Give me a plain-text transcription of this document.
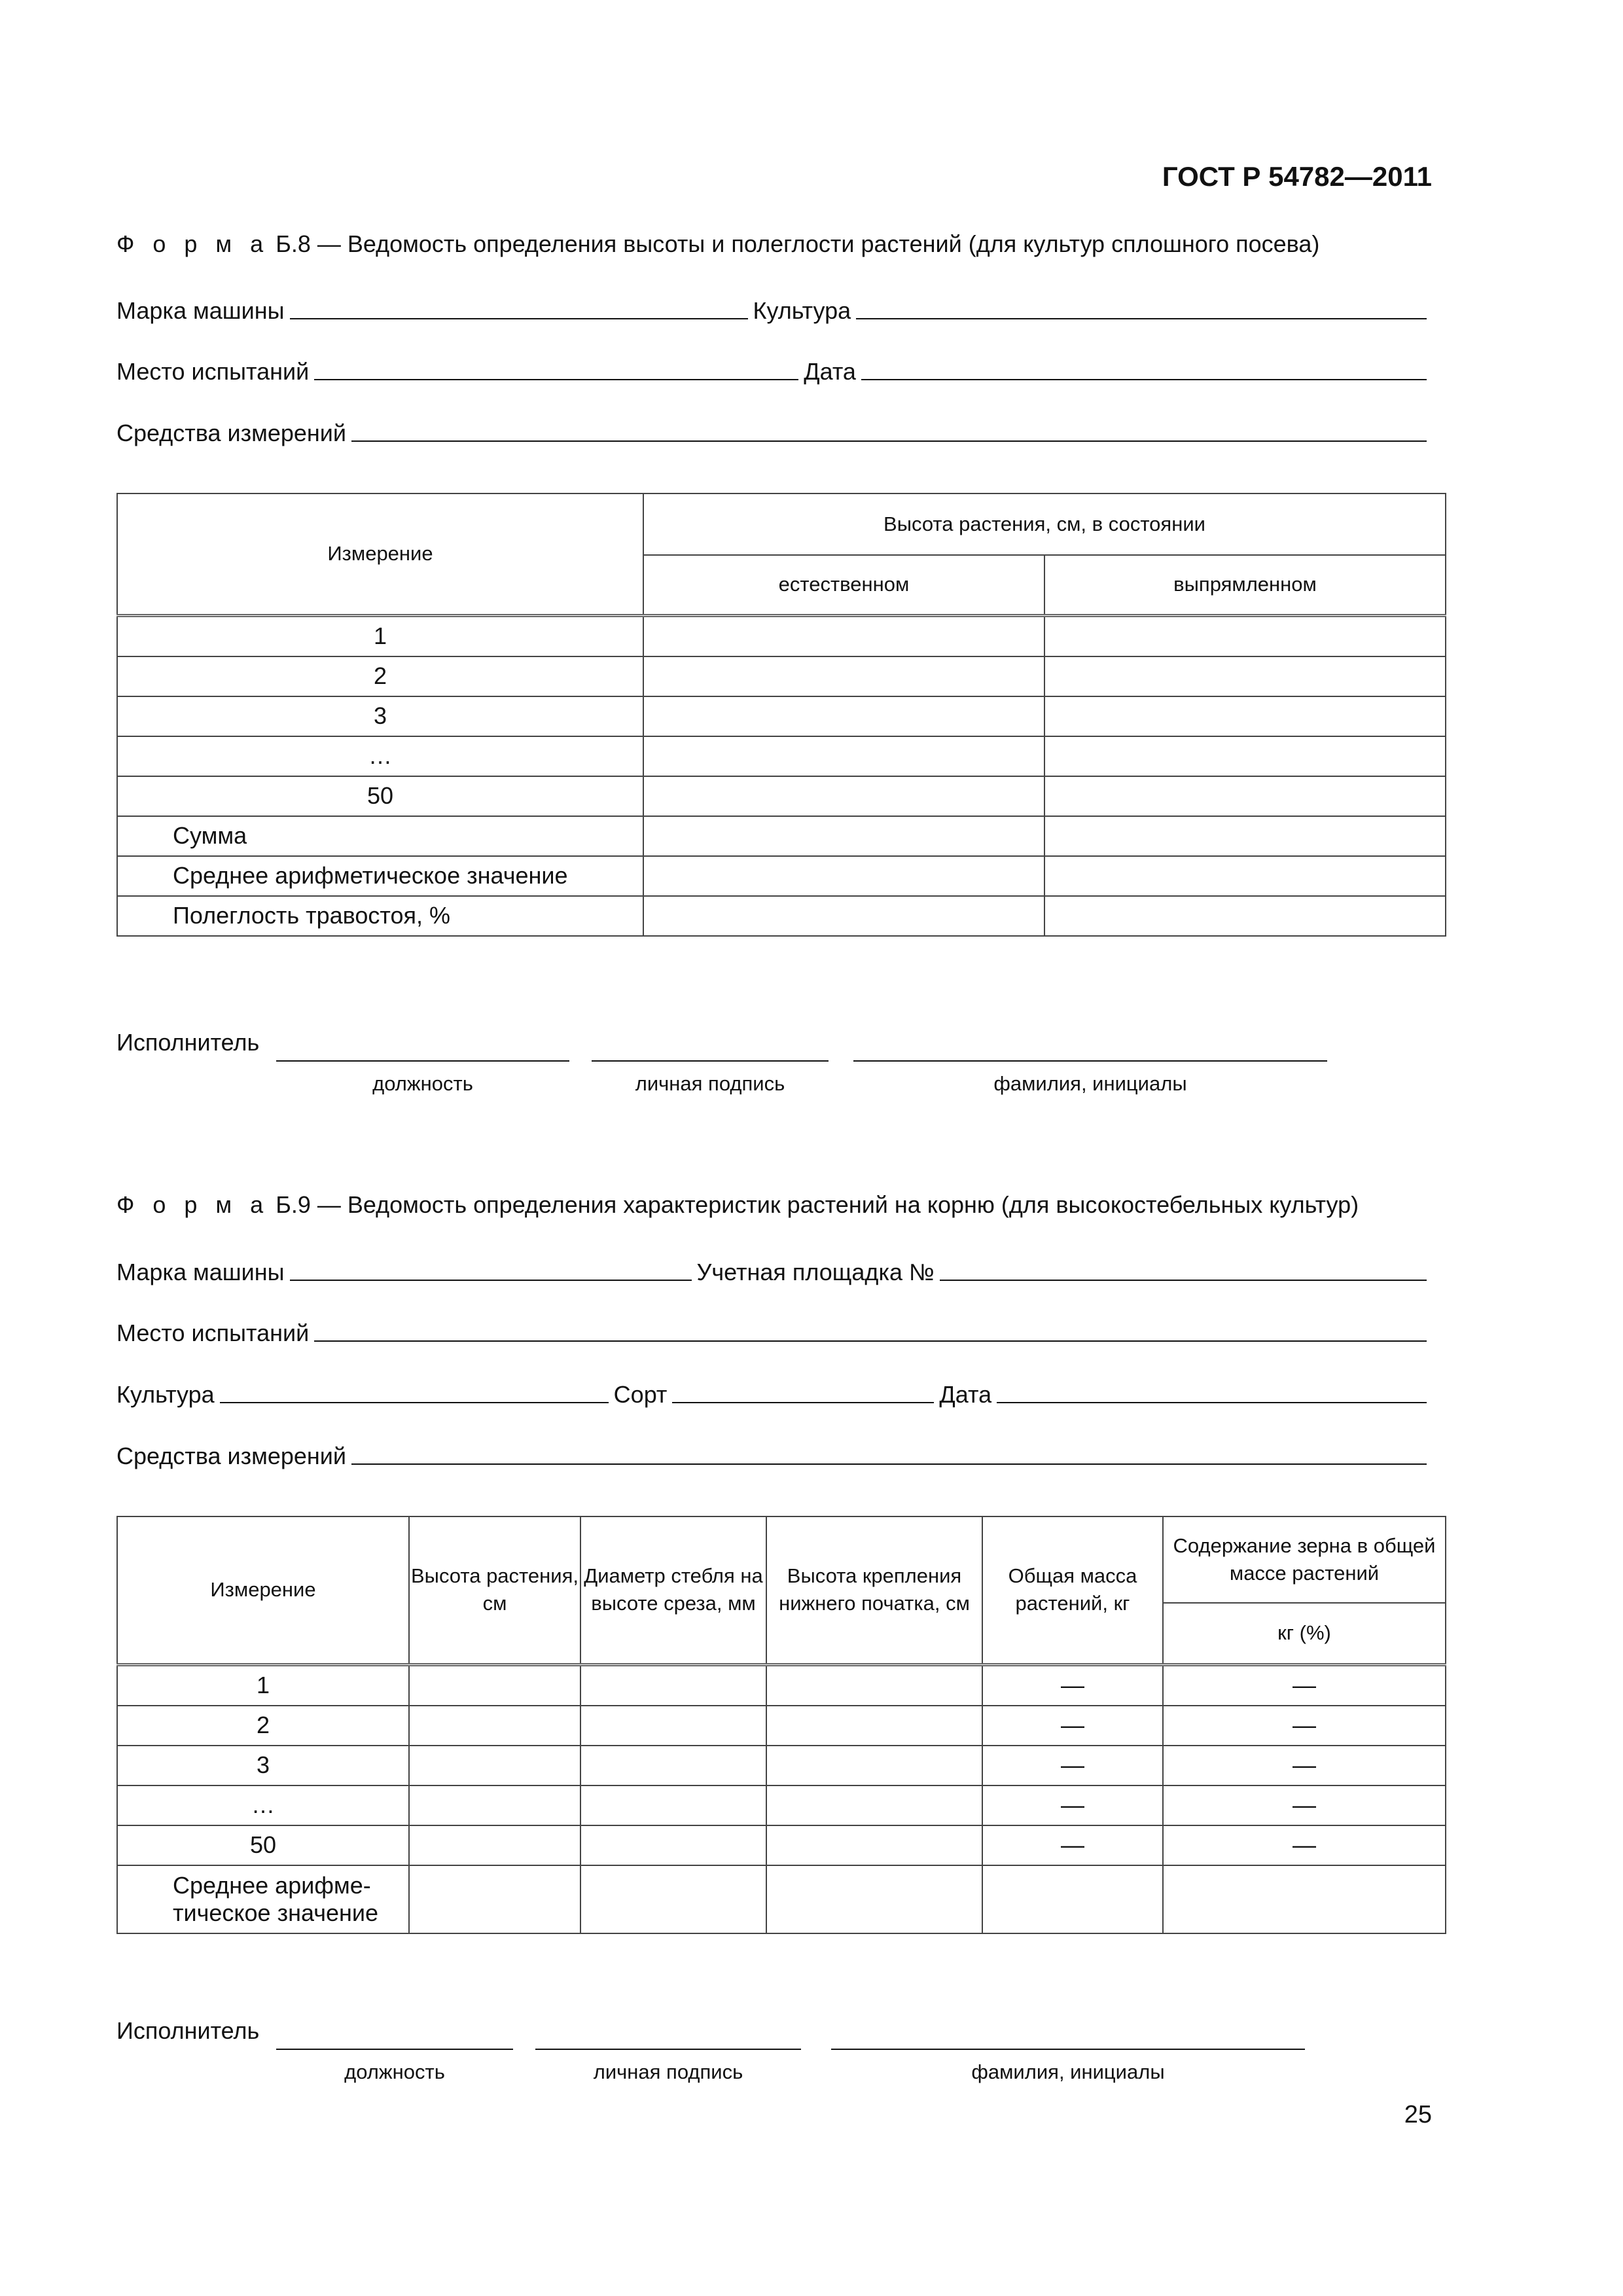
ГОСТ Р 54782—2011
Ф о р м а Б.8 — Ведомость определения высоты и полеглости растений (для культур сплошного посева)
Марка машины	Культура
Место испытаний	Дата
Средства измерений
Измерение	Высота растения, см, в состоянии	
	естественном	выпрямленном
1		
2		
3		
…		
50		
Сумма		
Среднее арифметическое значение		
Полеглость травостоя, %		
Исполнитель
должность	личная подпись	фамилия, инициалы
Ф о р м а Б.9 — Ведомость определения характеристик растений на корню (для высокостебельных культур)
Марка машины	Учетная площадка №
Место испытаний
Культура	Сорт	Дата
Средства измерений
Измерение	Высота растения, см	Диаметр стебля на высоте среза, мм	Высота крепления нижнего початка, см	Общая масса растений, кг	Содержание зерна в общей массе растений
					кг (%)
1				—	—
2				—	—
3				—	—
…				—	—
50				—	—
Среднее арифме-тическое значение					
Исполнитель
должность	личная подпись	фамилия, инициалы
25
